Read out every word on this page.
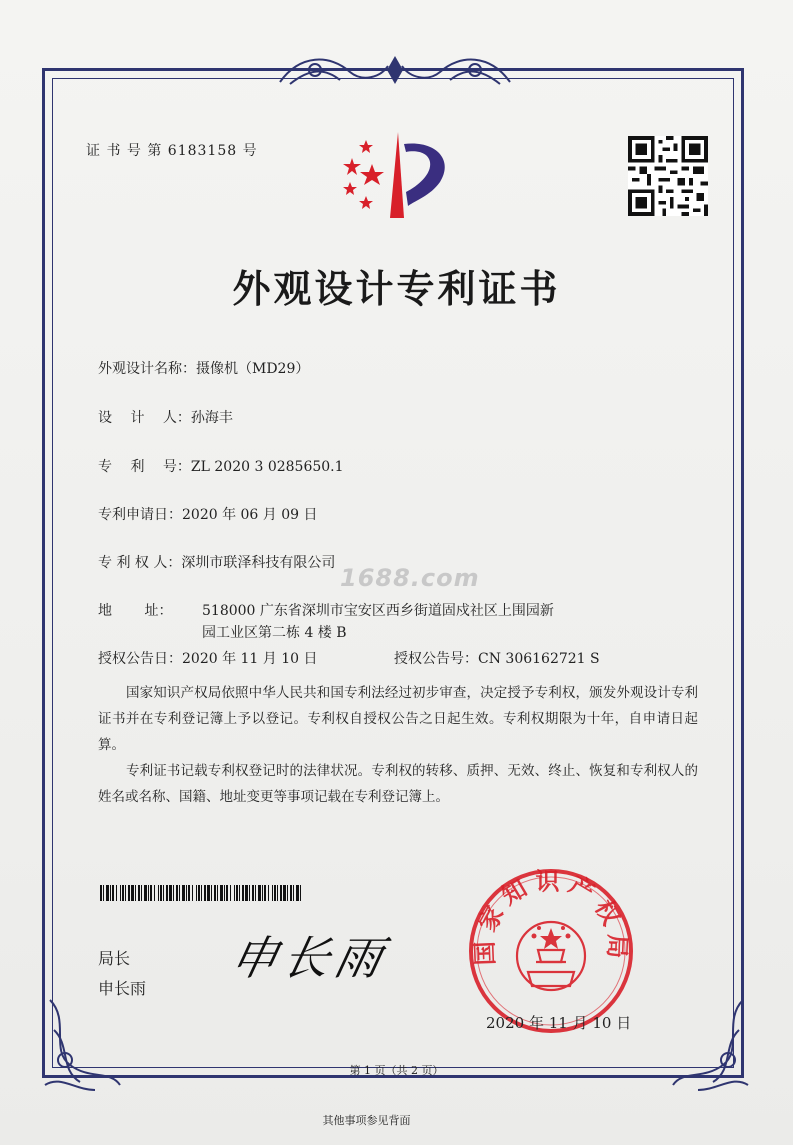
证 书 号 第 6183158 号
外观设计专利证书
外观设计名称：摄像机（MD29）
设　 计　 人：孙海丰
专　 利　 号：ZL 2020 3 0285650.1
专利申请日：2020 年 06 月 09 日
专 利 权 人：深圳市联泽科技有限公司
1688.com
地　　 址： 518000 广东省深圳市宝安区西乡街道固戍社区上围园新
园工业区第二栋 4 楼 B
授权公告日：2020 年 11 月 10 日	授权公告号：CN 306162721 S
国家知识产权局依照中华人民共和国专利法经过初步审查，决定授予专利权，颁发外观设计专利证书并在专利登记簿上予以登记。专利权自授权公告之日起生效。专利权期限为十年，自申请日起算。
专利证书记载专利权登记时的法律状况。专利权的转移、质押、无效、终止、恢复和专利权人的姓名或名称、国籍、地址变更等事项记载在专利登记簿上。
局长
申长雨
申长雨	国家知识产权局
2020 年 11 月 10 日
第 1 页（共 2 页）
其他事项参见背面
